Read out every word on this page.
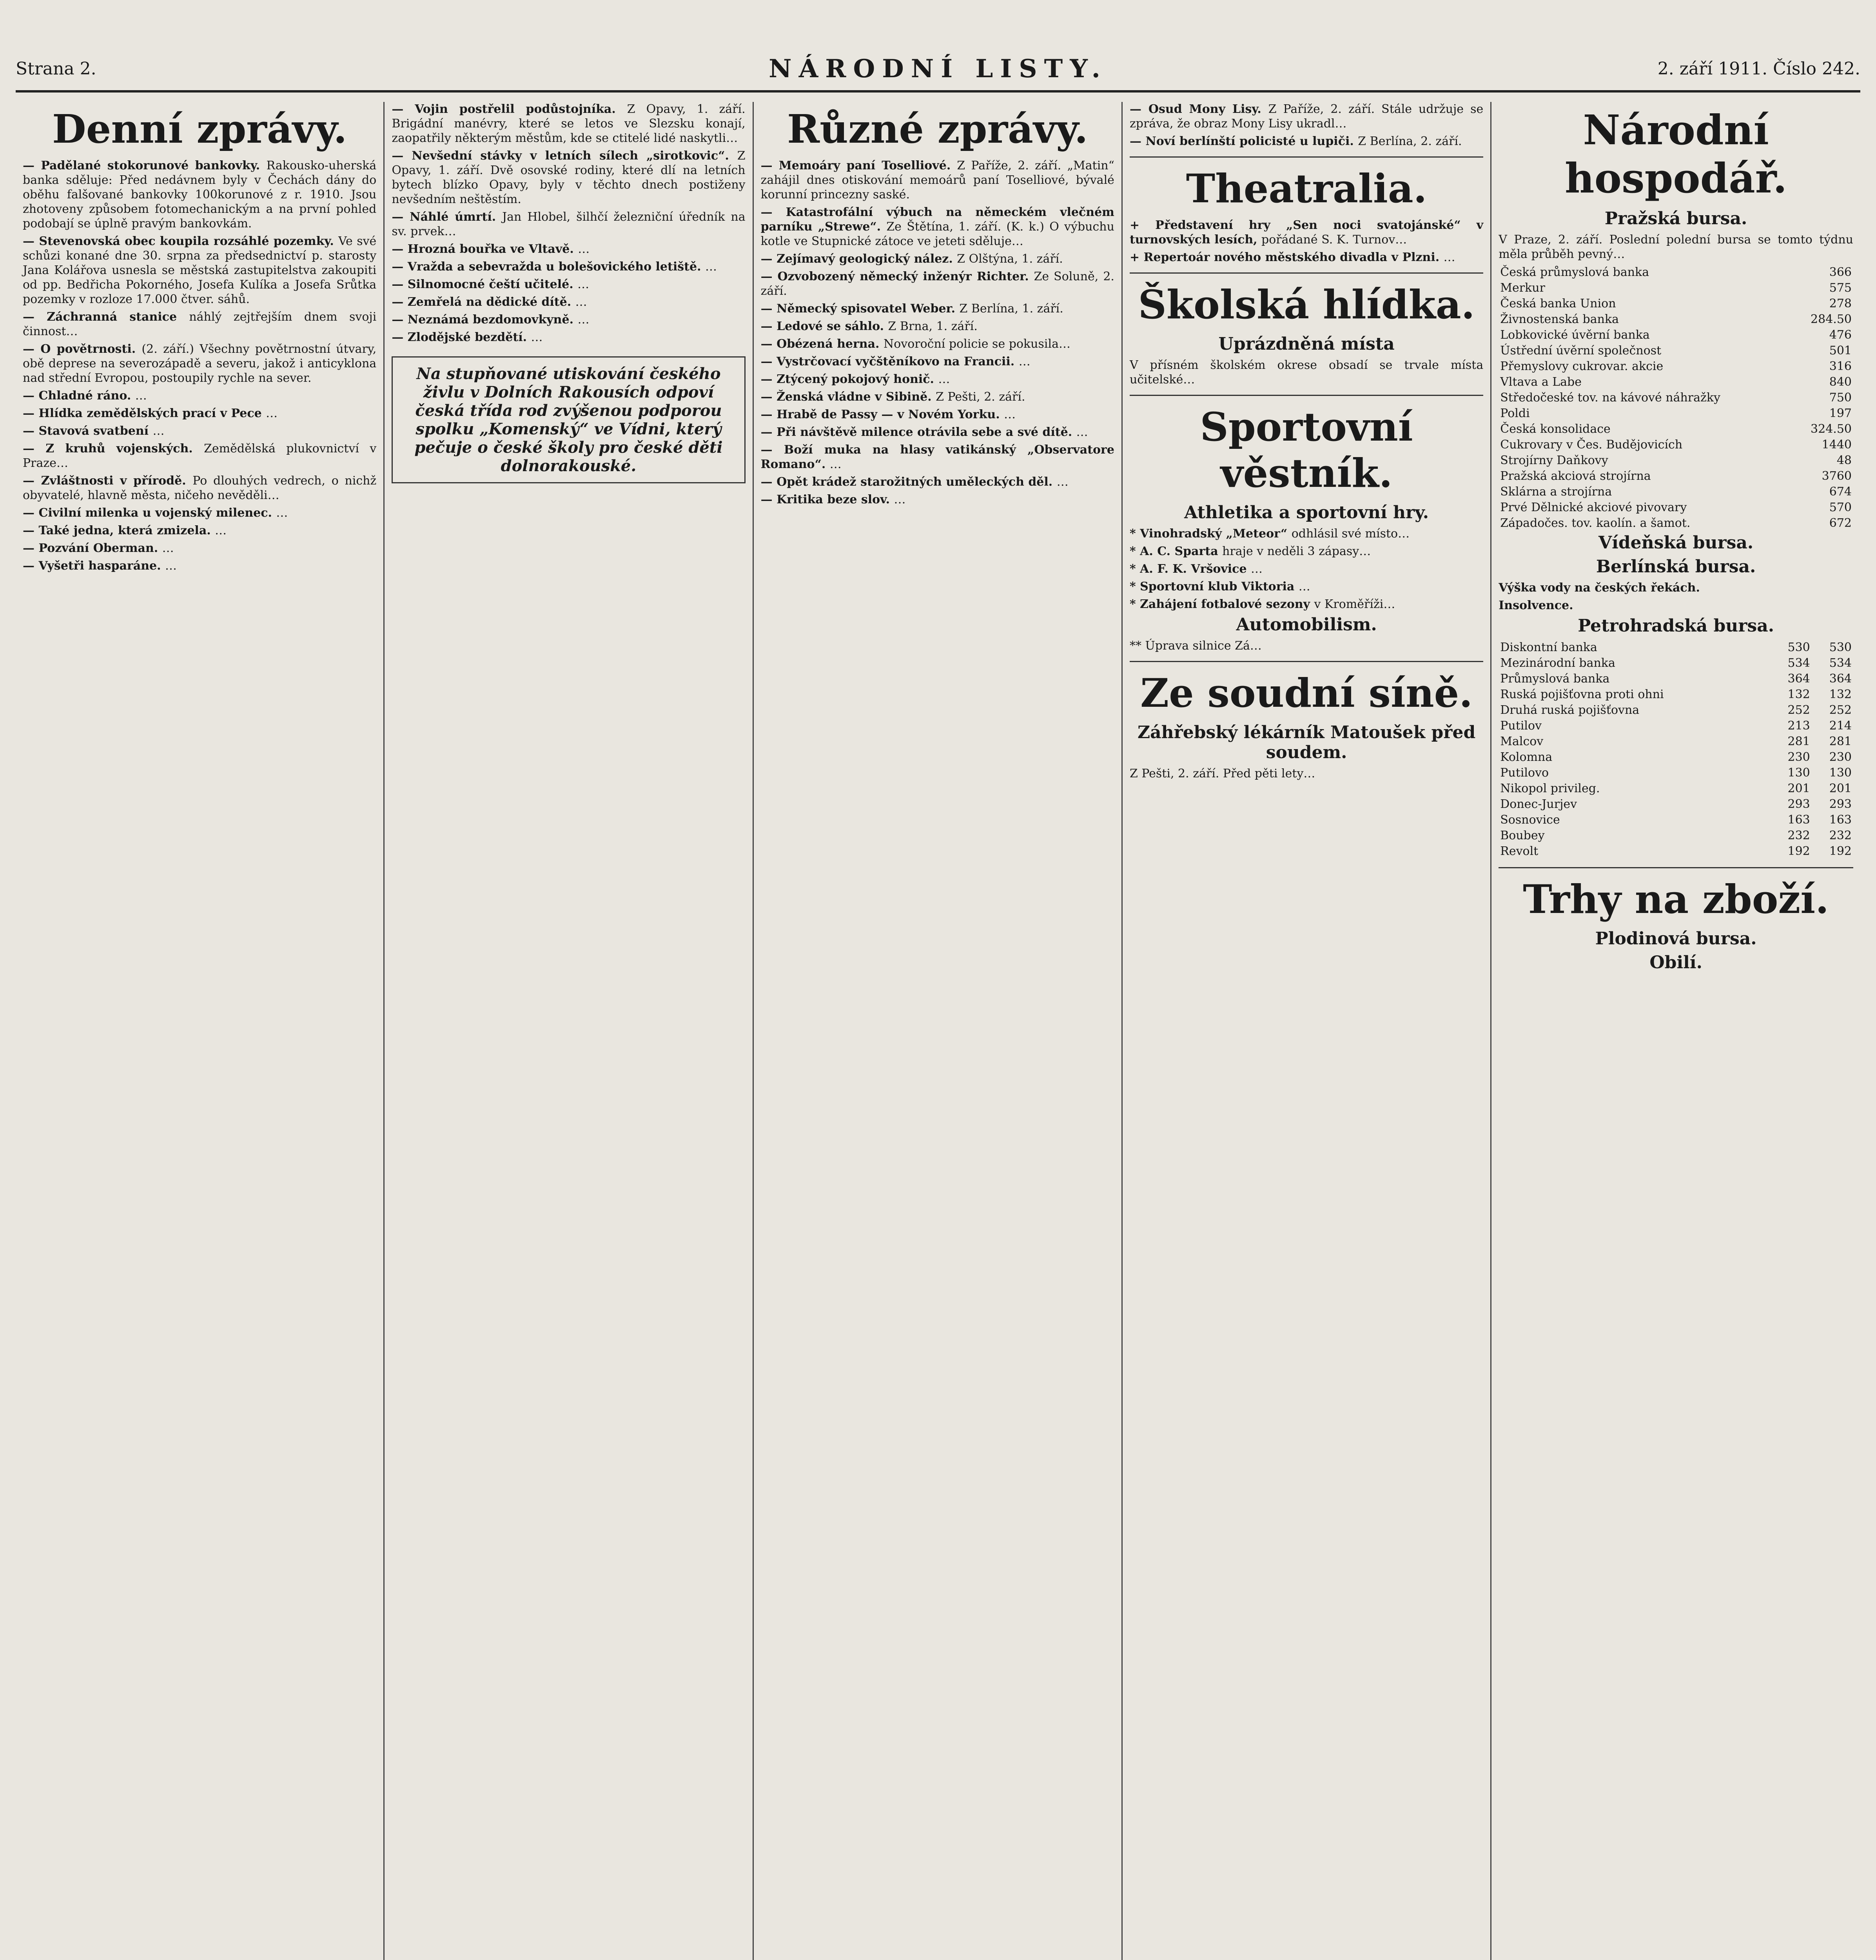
Strana 2.	NÁRODNÍ LISTY.	2. září 1911. Číslo 242.
Denní zprávy.
— Padělané stokorunové bankovky. Rakousko-uherská banka sděluje: Před nedávnem byly v Čechách dány do oběhu falšované bankovky 100korunové z r. 1910. Jsou zhotoveny způsobem fotomechanickým a na první pohled podobají se úplně pravým bankovkám.
— Stevenovská obec koupila rozsáhlé pozemky. Ve své schůzi konané dne 30. srpna za předsednictví p. starosty Jana Kolářova usnesla se městská zastupitelstva zakoupiti od pp. Bedřicha Pokorného, Josefa Kulíka a Josefa Srůtka pozemky v rozloze 17.000 čtver. sáhů.
— Záchranná stanice náhlý zejtřejším dnem svoji činnost…
— O povětrnosti. (2. září.) Všechny povětrnostní útvary, obě deprese na severozápadě a severu, jakož i anticyklona nad střední Evropou, postoupily rychle na sever.
— Chladné ráno. …
— Hlídka zemědělských prací v Pece …
— Stavová svatbení …
— Z kruhů vojenských. Zemědělská plukovnictví v Praze…
— Zvláštnosti v přírodě. Po dlouhých vedrech, o nichž obyvatelé, hlavně města, ničeho nevěděli…
— Civilní milenka u vojenský milenec. …
— Také jedna, která zmizela. …
— Pozvání Oberman. …
— Vyšetři hasparáne. …
— Vojin postřelil podůstojníka. Z Opavy, 1. září. Brigádní manévry, které se letos ve Slezsku konají, zaopatřily některým městům, kde se ctitelé lidé naskytli…
— Nevšední stávky v letních sílech „sirotkovic“. Z Opavy, 1. září. Dvě osovské rodiny, které dlí na letních bytech blízko Opavy, byly v těchto dnech postiženy nevšedním neštěstím.
— Náhlé úmrtí. Jan Hlobel, šilhčí železniční úředník na sv. prvek…
— Hrozná bouřka ve Vltavě. …
— Vražda a sebevražda u bolešovického letiště. …
— Silnomocné čeští učitelé. …
— Zemřelá na dědické dítě. …
— Neznámá bezdomovkyně. …
— Zlodějské bezdětí. …
Na stupňované utiskování českého živlu v Dolních Rakousích odpoví česká třída rod zvýšenou podporou spolku „Komenský“ ve Vídni, který pečuje o české školy pro české děti dolnorakouské.
Různé zprávy.
— Memoáry paní Toselliové. Z Paříže, 2. září. „Matin“ zahájil dnes otiskování memoárů paní Toselliové, bývalé korunní princezny saské.
— Katastrofální výbuch na německém vlečném parníku „Strewe“. Ze Štětína, 1. září. (K. k.) O výbuchu kotle ve Stupnické zátoce ve jeteti sděluje…
— Zejímavý geologický nález. Z Olštýna, 1. září.
— Ozvobozený německý inženýr Richter. Ze Soluně, 2. září.
— Německý spisovatel Weber. Z Berlína, 1. září.
— Ledové se sáhlo. Z Brna, 1. září.
— Obézená herna. Novoroční policie se pokusila…
— Vystrčovací vyčštěníkovo na Francii. …
— Ztýcený pokojový honič. …
— Ženská vládne v Sibině. Z Pešti, 2. září.
— Hrabě de Passy — v Novém Yorku. …
— Při návštěvě milence otrávila sebe a své dítě. …
— Boží muka na hlasy vatikánský „Observatore Romano“. …
— Opět krádež starožitných uměleckých děl. …
— Kritika beze slov. …
— Osud Mony Lisy. Z Paříže, 2. září. Stále udržuje se zpráva, že obraz Mony Lisy ukradl…
— Noví berlínští policisté u lupiči. Z Berlína, 2. září.
Theatralia.
+ Představení hry „Sen noci svatojánské“ v turnovských lesích, pořádané S. K. Turnov…
+ Repertoár nového městského divadla v Plzni. …
Školská hlídka.
Uprázdněná místa
V přísném školském okrese obsadí se trvale místa učitelské…
Sportovní věstník.
Athletika a sportovní hry.
* Vinohradský „Meteor“ odhlásil své místo…
* A. C. Sparta hraje v neděli 3 zápasy…
* A. F. K. Vršovice …
* Sportovní klub Viktoria …
* Zahájení fotbalové sezony v Kroměříži…
Automobilism.
** Úprava silnice Zá…
Ze soudní síně.
Záhřebský lékárník Matoušek před soudem.
Z Pešti, 2. září. Před pěti lety…
Národní hospodář.
Pražská bursa.
V Praze, 2. září. Poslední polední bursa se tomto týdnu měla průběh pevný…
Česká průmyslová banka	366
Merkur	575
Česká banka Union	278
Živnostenská banka	284.50
Lobkovické úvěrní banka	476
Ústřední úvěrní společnost	501
Přemyslovy cukrovar. akcie	316
Vltava a Labe	840
Středočeské tov. na kávové náhražky	750
Poldi	197
Česká konsolidace	324.50
Cukrovary v Čes. Budějovicích	1440
Strojírny Daňkovy	48
Pražská akciová strojírna	3760
Sklárna a strojírna	674
Prvé Dělnické akciové pivovary	570
Západočes. tov. kaolín. a šamot.	672
Vídeňská bursa.
Berlínská bursa.
Výška vody na českých řekách.
Insolvence.
Petrohradská bursa.
Diskontní banka	530	530
Mezinárodní banka	534	534
Průmyslová banka	364	364
Ruská pojišťovna proti ohni	132	132
Druhá ruská pojišťovna	252	252
Putilov	213	214
Malcov	281	281
Kolomna	230	230
Putilovo	130	130
Nikopol privileg.	201	201
Donec-Jurjev	293	293
Sosnovice	163	163
Boubey	232	232
Revolt	192	192
Trhy na zboží.
Plodinová bursa.
Obilí.
